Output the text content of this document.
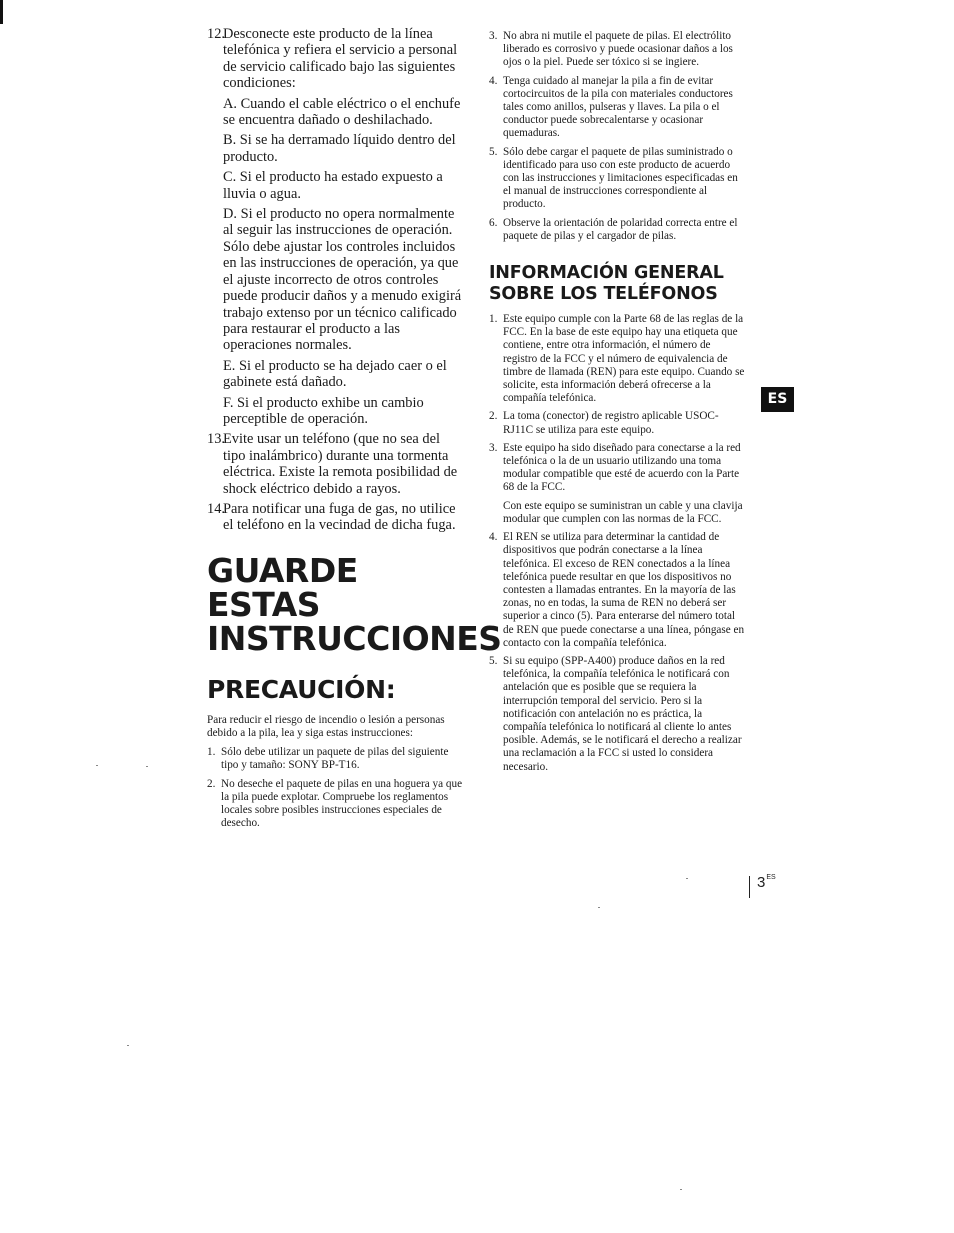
12.
Desconecte este producto de la línea telefónica y refiera el servicio a personal de servicio calificado bajo las siguientes condiciones:
A. Cuando el cable eléctrico o el enchufe se encuentra dañado o deshilachado.
B. Si se ha derramado líquido dentro del producto.
C. Si el producto ha estado expuesto a lluvia o agua.
D. Si el producto no opera normalmente al seguir las instrucciones de operación. Sólo debe ajustar los controles incluidos en las instrucciones de operación, ya que el ajuste incorrecto de otros controles puede producir daños y a menudo exigirá trabajo extenso por un técnico calificado para restaurar el producto a las operaciones normales.
E. Si el producto se ha dejado caer o el gabinete está dañado.
F. Si el producto exhibe un cambio perceptible de operación.
13.
Evite usar un teléfono (que no sea del tipo inalámbrico) durante una tormenta eléctrica. Existe la remota posibilidad de shock eléctrico debido a rayos.
14.
Para notificar una fuga de gas, no utilice el teléfono en la vecindad de dicha fuga.
GUARDE ESTAS INSTRUCCIONES
PRECAUCIÓN:

Para reducir el riesgo de incendio o lesión a personas debido a la pila, lea y siga estas instrucciones:

1. Sólo debe utilizar un paquete de pilas del siguiente tipo y tamaño: SONY BP-T16.
2. No deseche el paquete de pilas en una hoguera ya que la pila puede explotar. Compruebe los reglamentos locales sobre posibles instrucciones especiales de desecho.
3. No abra ni mutile el paquete de pilas. El electrólito liberado es corrosivo y puede ocasionar daños a los ojos o la piel. Puede ser tóxico si se ingiere.
4. Tenga cuidado al manejar la pila a fin de evitar cortocircuitos de la pila con materiales conductores tales como anillos, pulseras y llaves. La pila o el conductor puede sobrecalentarse y ocasionar quemaduras.
5. Sólo debe cargar el paquete de pilas suministrado o identificado para uso con este producto de acuerdo con las instrucciones y limitaciones especificadas en el manual de instrucciones correspondiente al producto.
6. Observe la orientación de polaridad correcta entre el paquete de pilas y el cargador de pilas.
INFORMACIÓN GENERAL SOBRE LOS TELÉFONOS
1. Este equipo cumple con la Parte 68 de las reglas de la FCC. En la base de este equipo hay una etiqueta que contiene, entre otra información, el número de registro de la FCC y el número de equivalencia de timbre de llamada (REN) para este equipo. Cuando se solicite, esta información deberá ofrecerse a la compañía telefónica.
2. La toma (conector) de registro aplicable USOC-RJ11C se utiliza para este equipo.
3. Este equipo ha sido diseñado para conectarse a la red telefónica o la de un usuario utilizando una toma modular compatible que esté de acuerdo con la Parte 68 de la FCC.
Con este equipo se suministran un cable y una clavija modular que cumplen con las normas de la FCC.
4. El REN se utiliza para determinar la cantidad de dispositivos que podrán conectarse a la línea telefónica. El exceso de REN conectados a la línea telefónica puede resultar en que los dispositivos no contesten a llamadas entrantes. En la mayoría de las zonas, no en todas, la suma de REN no deberá ser superior a cinco (5). Para enterarse del número total de REN que puede conectarse a una línea, póngase en contacto con la compañía telefónica.
5. Si su equipo (SPP-A400) produce daños en la red telefónica, la compañía telefónica le notificará con antelación que es posible que se requiera la interrupción temporal del servicio. Pero si la notificación con antelación no es práctica, la compañía telefónica lo notificará al cliente lo antes posible. Además, se le notificará el derecho a realizar una reclamación a la FCC si usted lo considera necesario.
ES
$3^{ES}$
